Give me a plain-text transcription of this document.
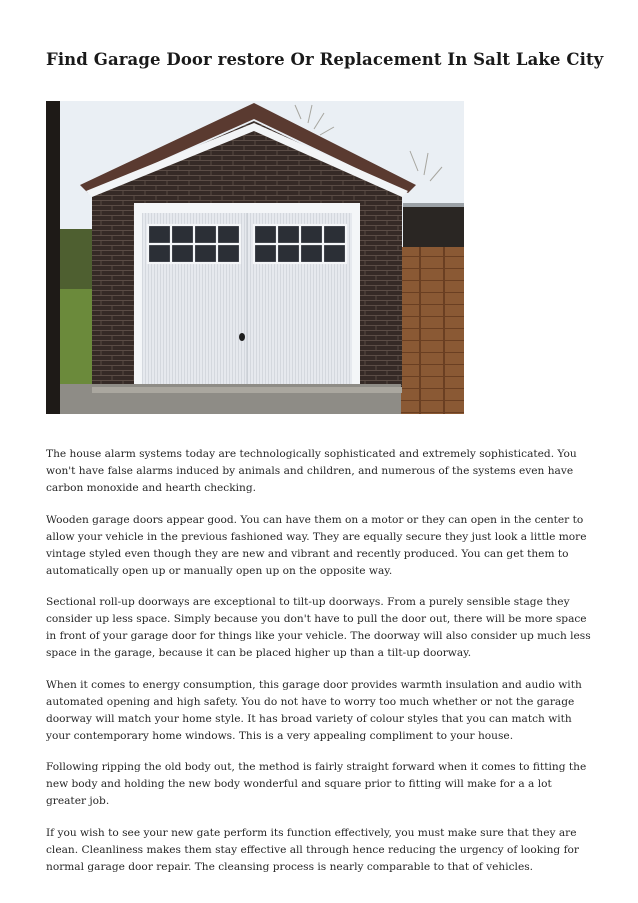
Find Garage Door restore Or Replacement In Salt Lake City

The house alarm systems today are technologically sophisticated and extremely sophisticated. You won't have false alarms induced by animals and children, and numerous of the systems even have carbon monoxide and hearth checking.

Wooden garage doors appear good. You can have them on a motor or they can open in the center to allow your vehicle in the previous fashioned way. They are equally secure they just look a little more vintage styled even though they are new and vibrant and recently produced. You can get them to automatically open up or manually open up on the opposite way.

Sectional roll-up doorways are exceptional to tilt-up doorways. From a purely sensible stage they consider up less space. Simply because you don't have to pull the door out, there will be more space in front of your garage door for things like your vehicle. The doorway will also consider up much less space in the garage, because it can be placed higher up than a tilt-up doorway.

When it comes to energy consumption, this garage door provides warmth insulation and audio with automated opening and high safety. You do not have to worry too much whether or not the garage doorway will match your home style. It has broad variety of colour styles that you can match with your contemporary home windows. This is a very appealing compliment to your house.

Following ripping the old body out, the method is fairly straight forward when it comes to fitting the new body and holding the new body wonderful and square prior to fitting will make for a a lot greater job.

If you wish to see your new gate perform its function effectively, you must make sure that they are clean. Cleanliness makes them stay effective all through hence reducing the urgency of looking for normal garage door repair. The cleansing process is nearly comparable to that of vehicles.
